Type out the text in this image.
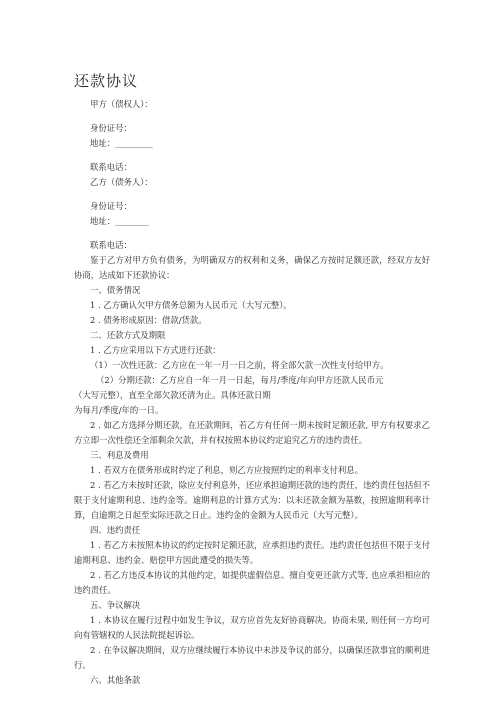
还款协议

甲方（债权人）：

身份证号：

地址：_________

联系电话：

乙方（债务人）：

身份证号：

地址：________

联系电话：

鉴于乙方对甲方负有债务，为明确双方的权利和义务，确保乙方按时足额还款，经双方友好协商，达成如下还款协议：

一、债务情况

1 . 乙方确认欠甲方债务总额为人民币元（大写元整）。

2 . 债务形成原因：借款/货款。

二、还款方式及期限

1 . 乙方应采用以下方式进行还款：

（1）一次性还款：乙方应在一年一月一日之前，将全部欠款一次性支付给甲方。

（2）分期还款：乙方应自一年一月一日起，每月/季度/年向甲方还款人民币元

（大写元整），直至全部欠款还清为止。具体还款日期

为每月/季度/年的一日。

2 . 如乙方选择分期还款，在还款期间，若乙方有任何一期未按时足额还款, 甲方有权要求乙方立即一次性偿还全部剩余欠款，并有权按照本协议约定追究乙方的违约责任。

三、利息及费用

1 . 若双方在债务形成时约定了利息，则乙方应按照约定的利率支付利息。

2 . 若乙方未按时还款，除应支付利息外，还应承担逾期还款的违约责任，违约责任包括但不限于支付逾期利息、违约金等。逾期利息的计算方式为：以未还款金额为基数，按照逾期利率计算，自逾期之日起至实际还款之日止。违约金的金额为人民币元（大写元整）。

四、违约责任

1 . 若乙方未按照本协议的约定按时足额还款，应承担违约责任。违约责任包括但不限于支付逾期利息、违约金、赔偿甲方因此遭受的损失等。

2 . 若乙方违反本协议的其他约定，如提供虚假信息、擅自变更还款方式等, 也应承担相应的违约责任。

五、争议解决

1 . 本协议在履行过程中如发生争议，双方应首先友好协商解决。协商未果, 则任何一方均可向有管辖权的人民法院提起诉讼。

2 . 在争议解决期间，双方应继续履行本协议中未涉及争议的部分，以确保还款事宜的顺利进行。

六、其他条款
